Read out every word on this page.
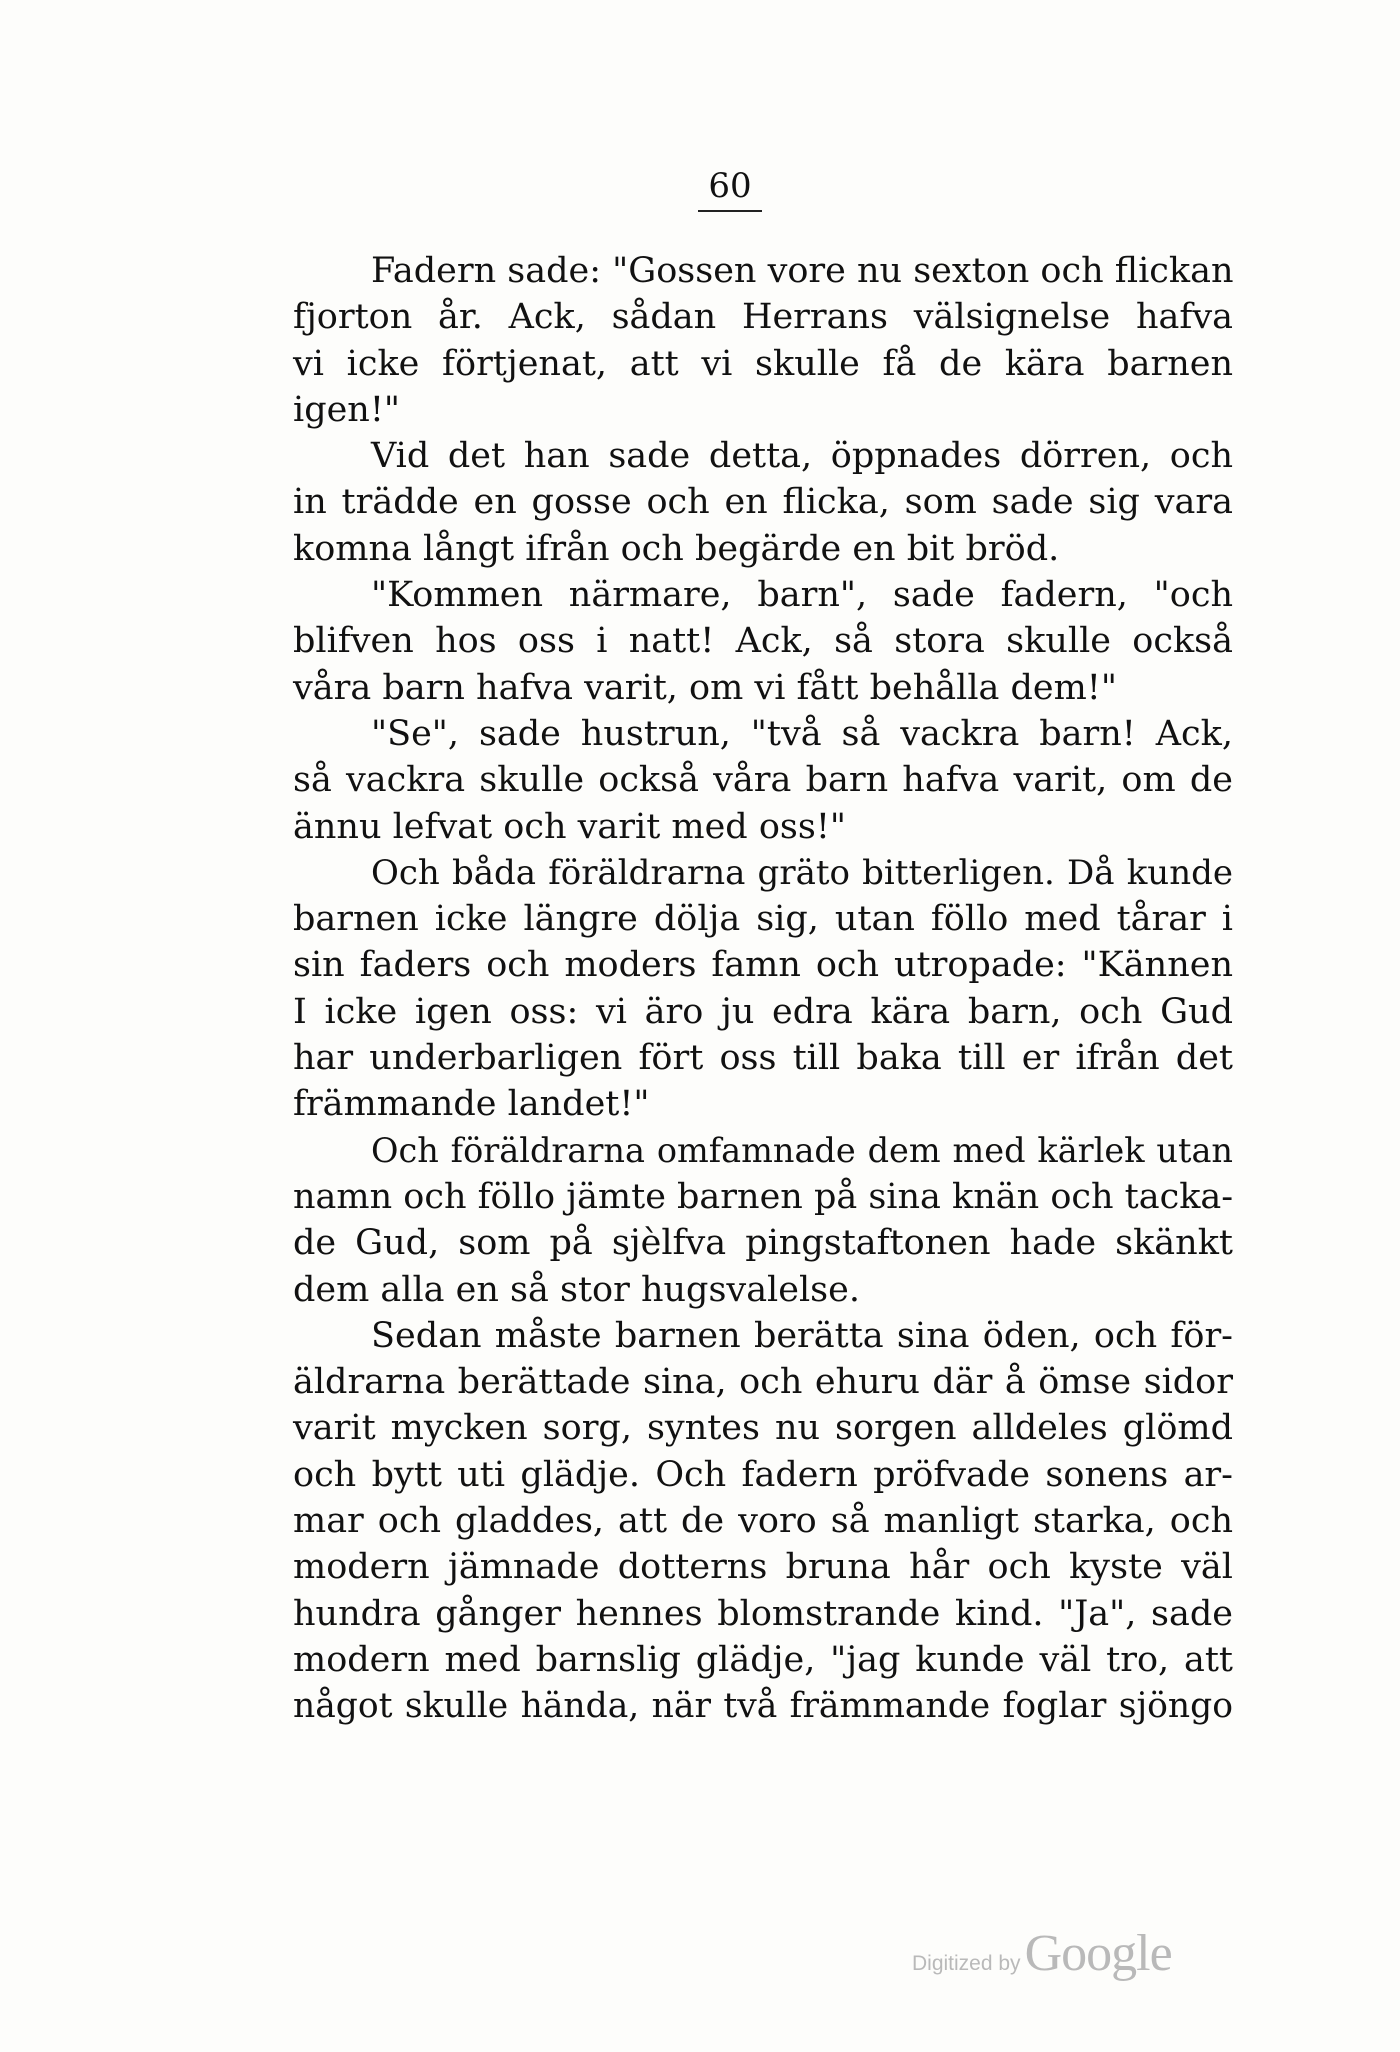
60
Fadern sade: "Gossen vore nu sexton och flickan
fjorton år. Ack, sådan Herrans välsignelse hafva
vi icke förtjenat, att vi skulle få de kära barnen
igen!"
Vid det han sade detta, öppnades dörren, och
in trädde en gosse och en flicka, som sade sig vara
komna långt ifrån och begärde en bit bröd.
"Kommen närmare, barn", sade fadern, "och
blifven hos oss i natt! Ack, så stora skulle också
våra barn hafva varit, om vi fått behålla dem!"
"Se", sade hustrun, "två så vackra barn! Ack,
så vackra skulle också våra barn hafva varit, om de
ännu lefvat och varit med oss!"
Och båda föräldrarna gräto bitterligen. Då kunde
barnen icke längre dölja sig, utan föllo med tårar i
sin faders och moders famn och utropade: "Kännen
I icke igen oss: vi äro ju edra kära barn, och Gud
har underbarligen fört oss till baka till er ifrån det
främmande landet!"
Och föräldrarna omfamnade dem med kärlek utan
namn och föllo jämte barnen på sina knän och tacka-
de Gud, som på sjèlfva pingstaftonen hade skänkt
dem alla en så stor hugsvalelse.
Sedan måste barnen berätta sina öden, och för-
äldrarna berättade sina, och ehuru där å ömse sidor
varit mycken sorg, syntes nu sorgen alldeles glömd
och bytt uti glädje. Och fadern pröfvade sonens ar-
mar och gladdes, att de voro så manligt starka, och
modern jämnade dotterns bruna hår och kyste väl
hundra gånger hennes blomstrande kind. "Ja", sade
modern med barnslig glädje, "jag kunde väl tro, att
något skulle hända, när två främmande foglar sjöngo
Digitized by Google
